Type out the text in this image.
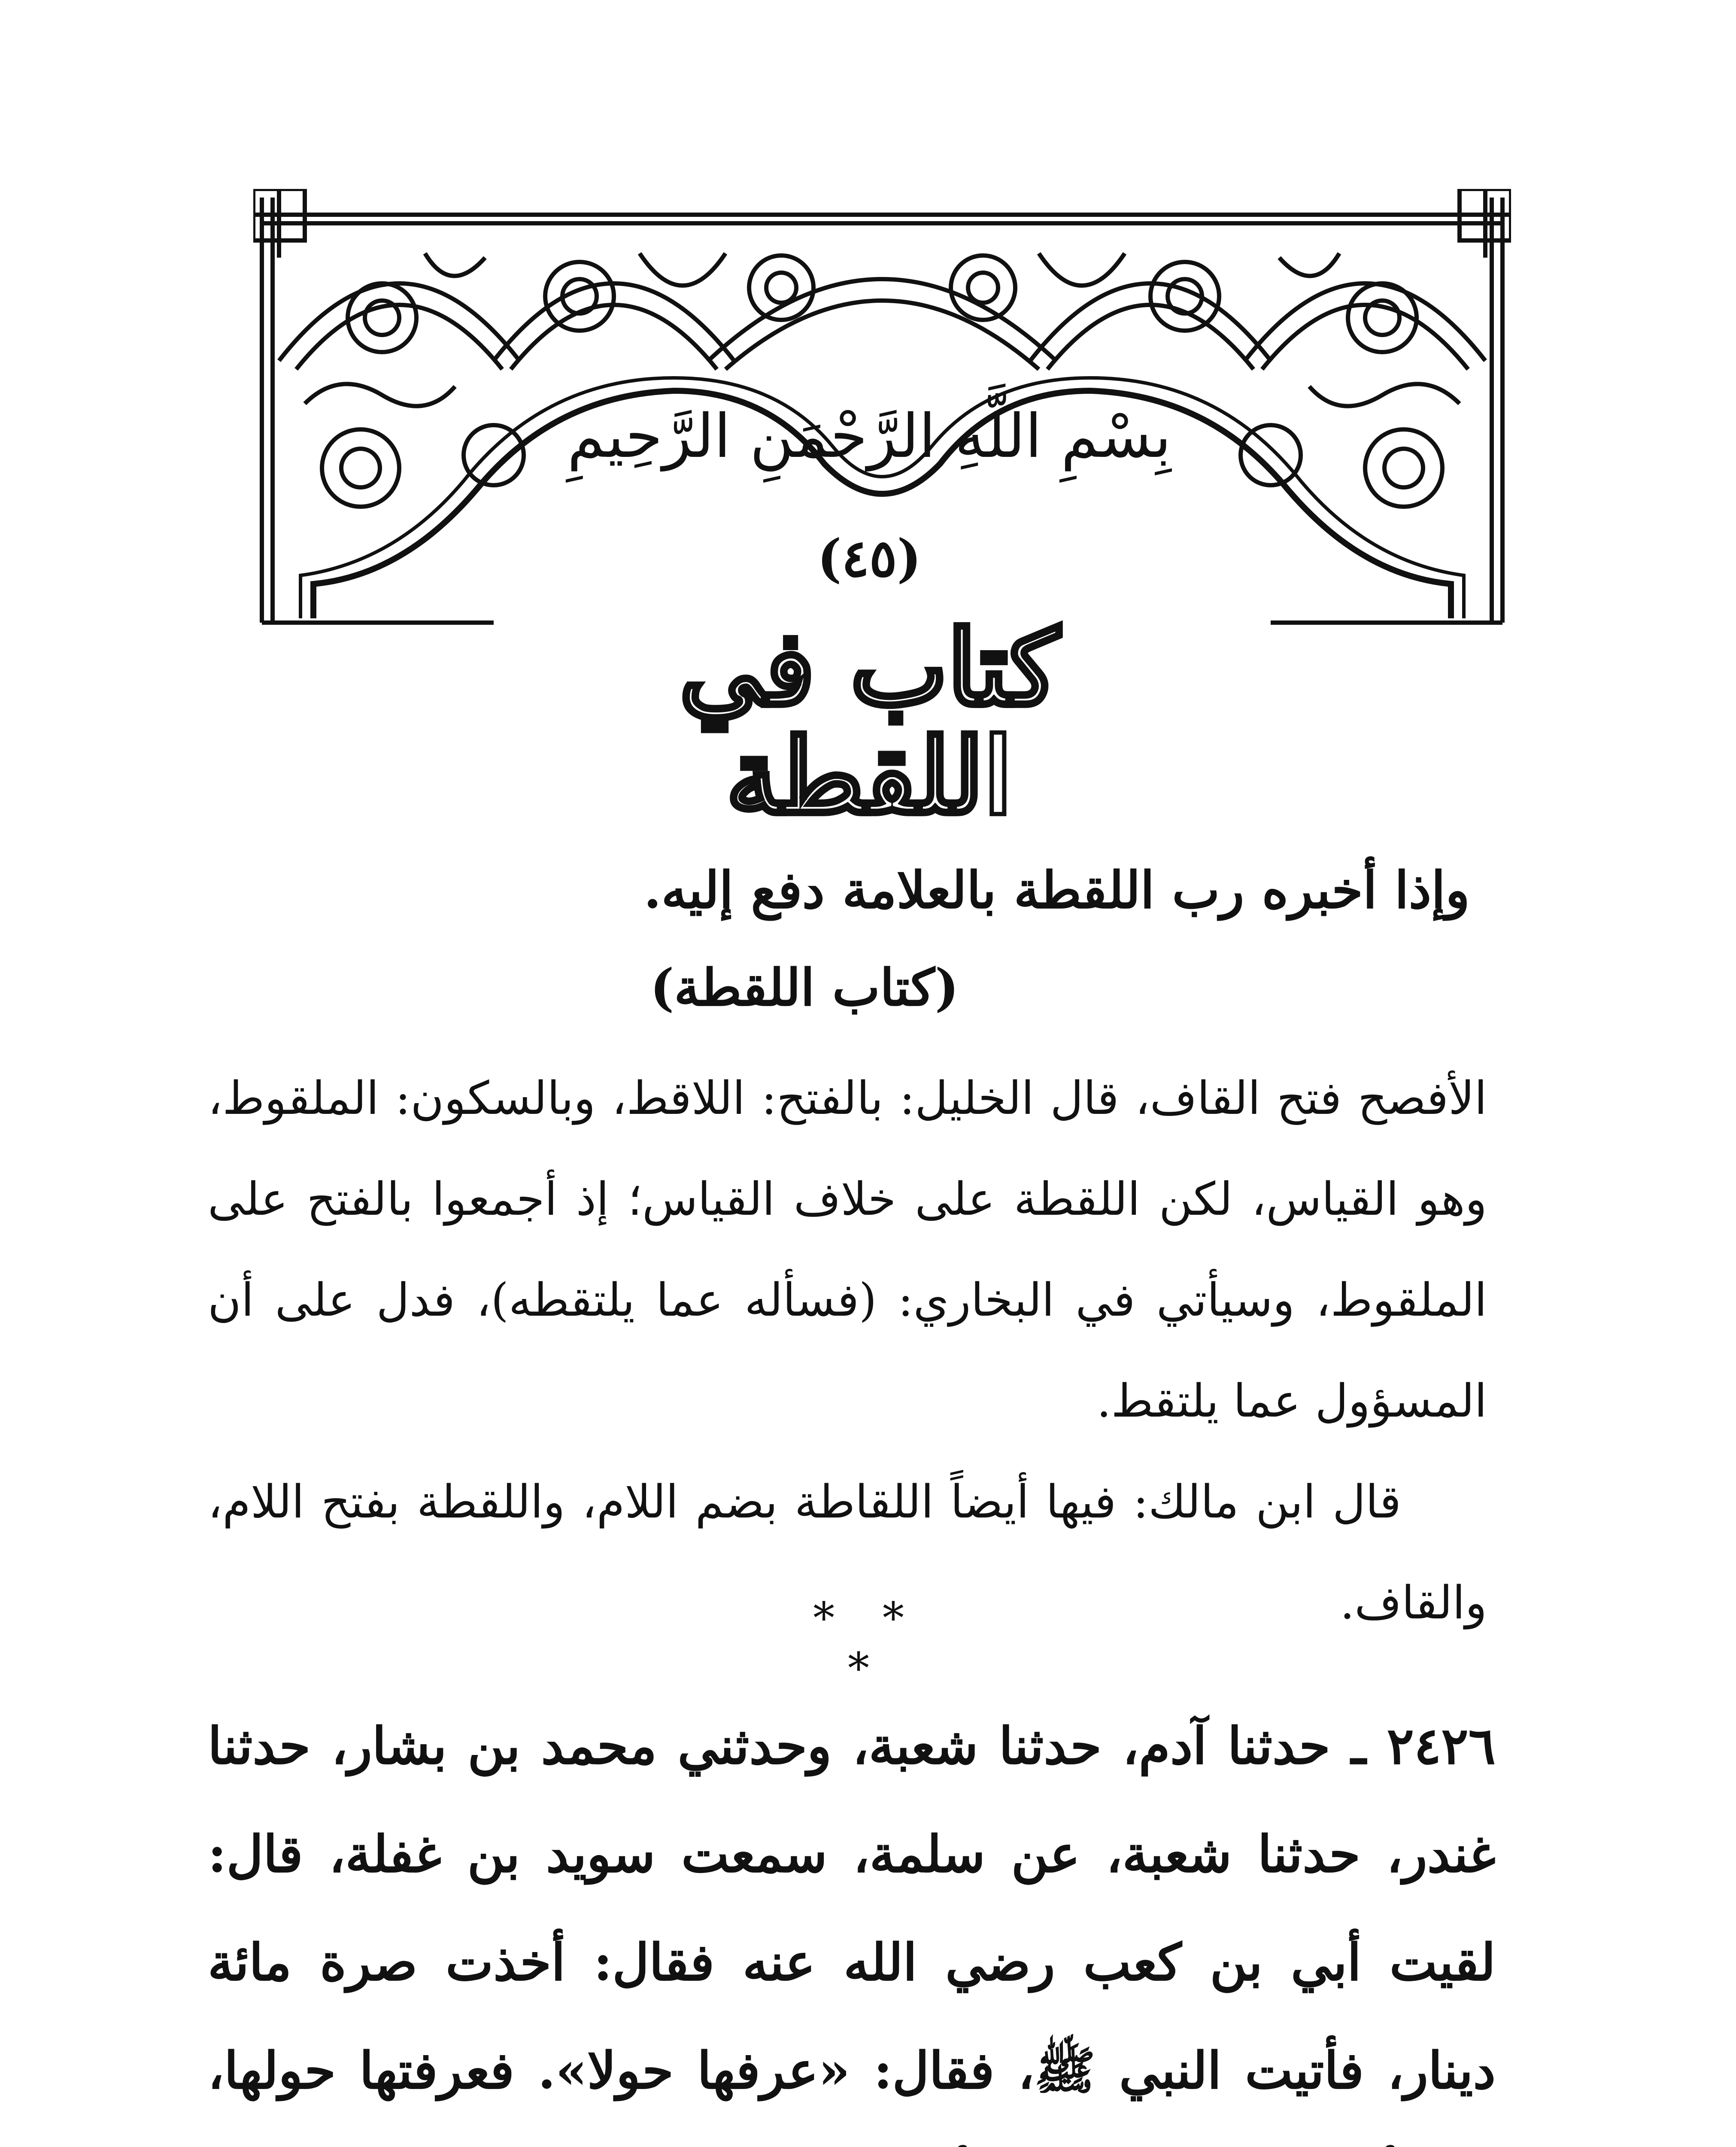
بِسْمِ اللَّهِ الرَّحْمَنِ الرَّحِيمِ
(٤٥)
كتاب في اللقطة
وإذا أخبره رب اللقطة بالعلامة دفع إليه.
(كتاب اللقطة)

الأفصح فتح القاف، قال الخليل: بالفتح: اللاقط، وبالسكون: الملقوط، وهو القياس، لكن اللقطة على خلاف القياس؛ إذ أجمعوا بالفتح على الملقوط، وسيأتي في البخاري: (فسأله عما يلتقطه)، فدل على أن المسؤول عما يلتقط.

قال ابن مالك: فيها أيضاً اللقاطة بضم اللام، واللقطة بفتح اللام، والقاف.

* * *
٢٤٢٦ ـ حدثنا آدم، حدثنا شعبة، وحدثني محمد بن بشار، حدثنا غندر، حدثنا شعبة، عن سلمة، سمعت سويد بن غفلة، قال: لقيت أبي بن كعب رضي الله عنه فقال: أخذت صرة مائة دينار، فأتيت النبي ﷺ، فقال: «عرفها حولا». فعرفتها حولها،
